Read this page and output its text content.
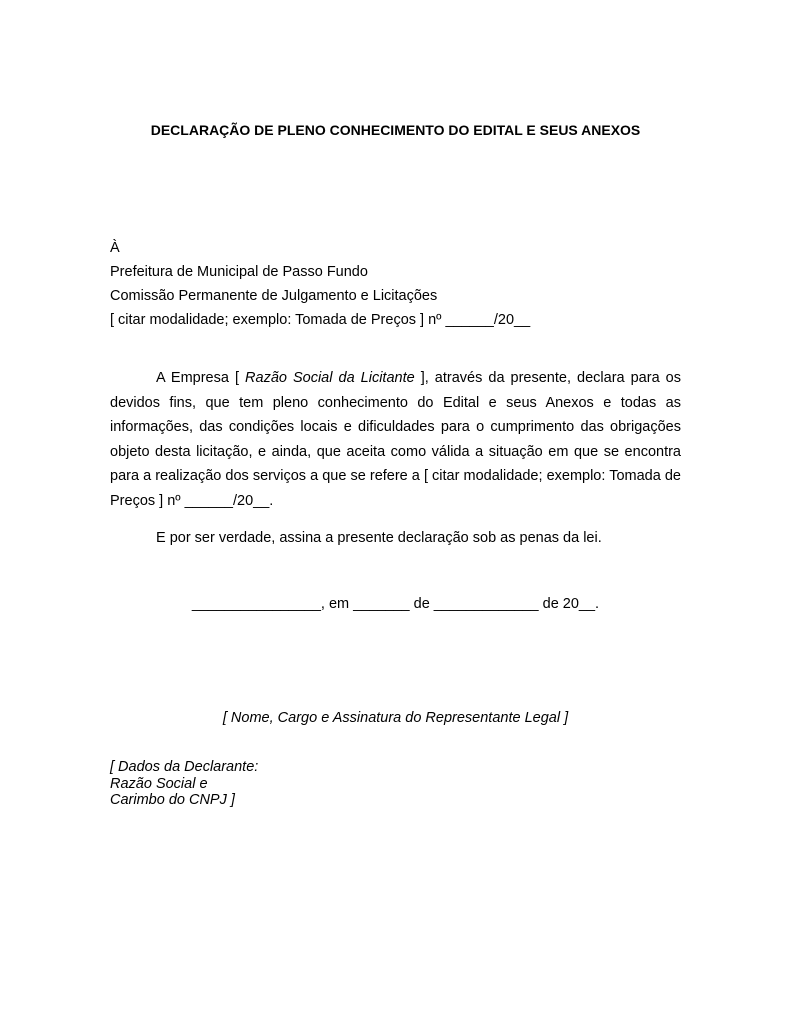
DECLARAÇÃO DE PLENO CONHECIMENTO DO EDITAL E SEUS ANEXOS
À
Prefeitura de Municipal de Passo Fundo
Comissão Permanente de Julgamento e Licitações
[ citar modalidade; exemplo: Tomada de Preços ] nº ______/20__
A Empresa [ Razão Social da Licitante ], através da presente, declara para os devidos fins, que tem pleno conhecimento do Edital e seus Anexos e todas as informações, das condições locais e dificuldades para o cumprimento das obrigações objeto desta licitação, e ainda, que aceita como válida a situação em que se encontra para a realização dos serviços a que se refere a [ citar modalidade; exemplo: Tomada de Preços ] nº ______/20__.
E por ser verdade, assina a presente declaração sob as penas da lei.
________________, em _______ de _____________ de 20__.
[ Nome, Cargo e Assinatura do Representante Legal ]
[ Dados da Declarante:
Razão Social e
Carimbo do CNPJ ]
